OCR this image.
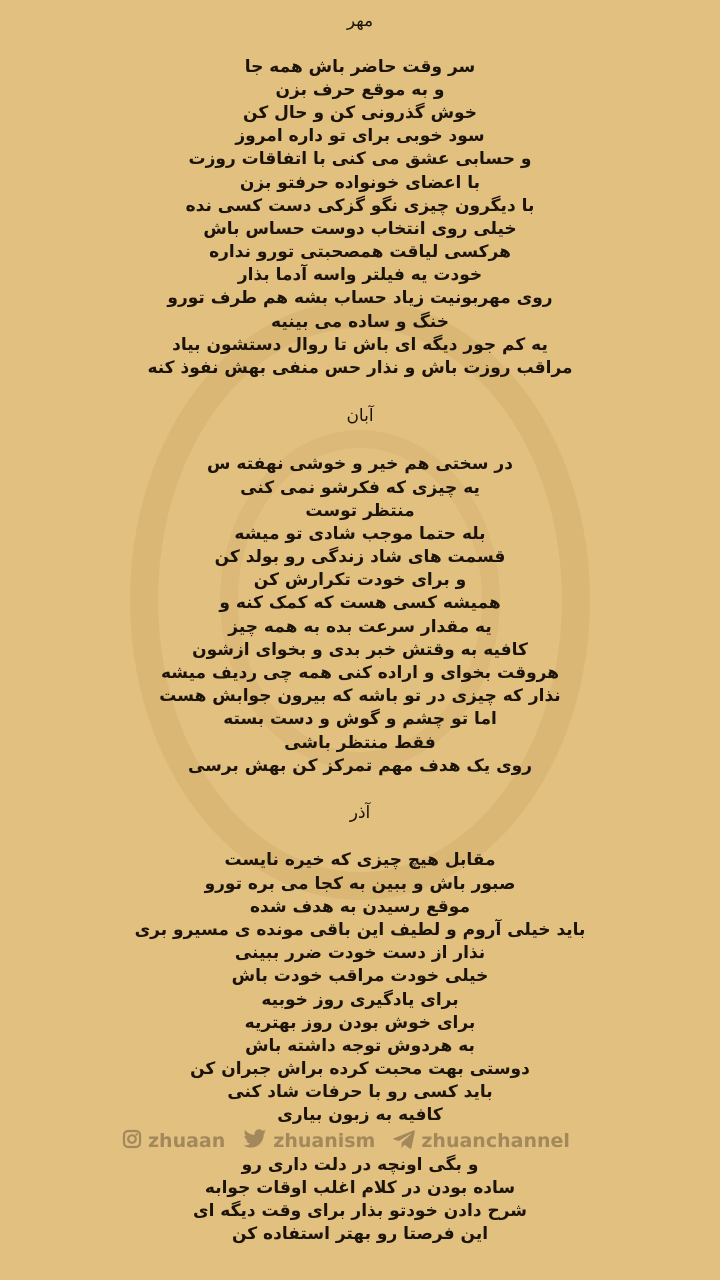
مهر
سر وقت حاضر باش همه جا
و به موقع حرف بزن
خوش گذرونی کن و حال کن
سود خوبی برای تو داره امروز
و حسابی عشق می کنی با اتفاقات روزت
با اعضای خونواده حرفتو بزن
با دیگرون چیزی نگو گزکی دست کسی نده
خیلی روی انتخاب دوست حساس باش
هرکسی لیاقت همصحبتی تورو نداره
خودت یه فیلتر واسه آدما بذار
روی مهربونیت زیاد حساب بشه هم طرف تورو
خنگ و ساده می بینیه
یه کم جور دیگه ای باش تا روال دستشون بیاد
مراقب روزت باش و نذار حس منفی بهش نفوذ کنه
آبان
در سختی هم خیر و خوشی نهفته س
یه چیزی که فکرشو نمی کنی
منتظر توست
بله حتما موجب شادی تو میشه
قسمت های شاد زندگی رو بولد کن
و برای خودت تکرارش کن
همیشه کسی هست که کمک کنه و
یه مقدار سرعت بده به همه چیز
کافیه به وقتش خبر بدی و بخوای ازشون
هروقت بخوای و اراده کنی همه چی ردیف میشه
نذار که چیزی در تو باشه که بیرون جوابش هست
اما تو چشم و گوش و دست بسته
فقط منتظر باشی
روی یک هدف مهم تمرکز کن بهش برسی
آذر
مقابل هیچ چیزی که خیره نایست
صبور باش و ببین به کجا می بره تورو
موقع رسیدن به هدف شده
باید خیلی آروم و لطیف این باقی مونده ی مسیرو بری
نذار از دست خودت ضرر ببینی
خیلی خودت مراقب خودت باش
برای یادگیری روز خوبیه
برای خوش بودن روز بهتریه
به هردوش توجه داشته باش
دوستی بهت محبت کرده براش جبران کن
باید کسی رو با حرفات شاد کنی
کافیه به زبون بیاری
و بگی اونچه در دلت داری رو
ساده بودن در کلام اغلب اوقات جوابه
شرح دادن خودتو بذار برای وقت دیگه ای
این فرصتا رو بهتر استفاده کن
zhuaan	zhuanism zhuanchannel
